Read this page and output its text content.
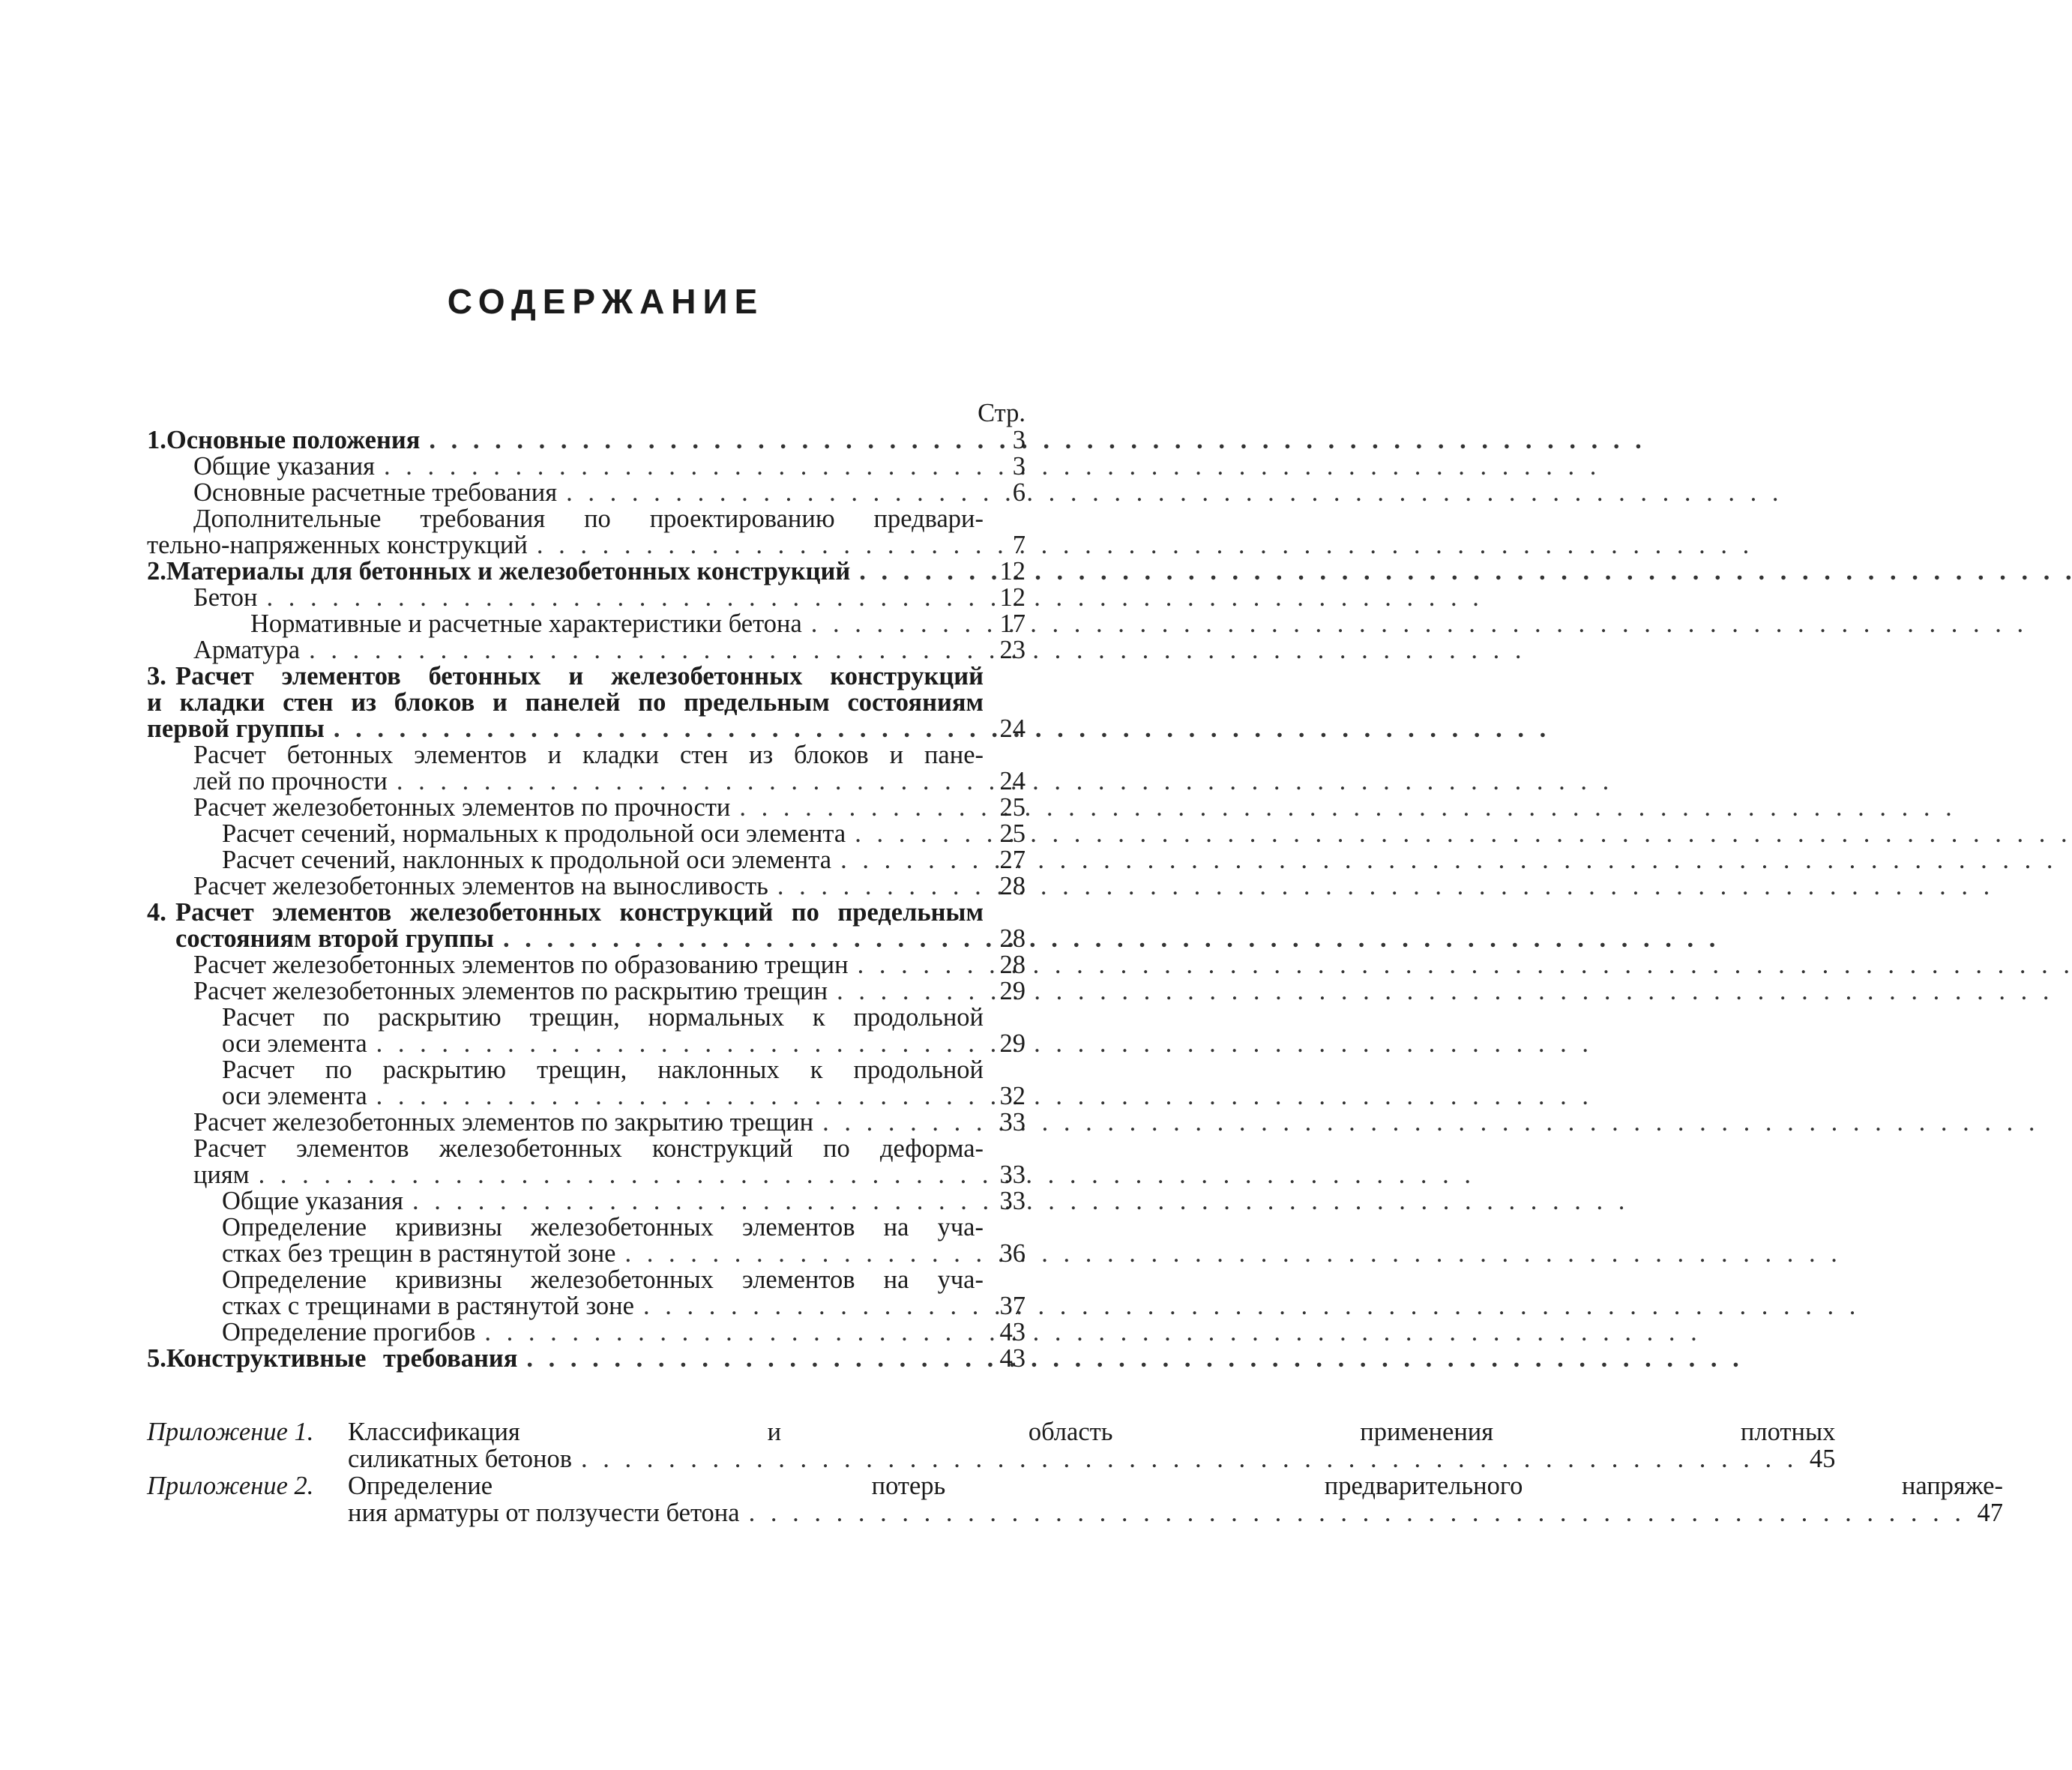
СОДЕРЖАНИЕ
Стр.
1. Основные положения . . .	3
Общие указания . . .	3
Основные расчетные требования . . .	6
Дополнительные требования по проектированию предвари-
тельно-напряженных конструкций . . .	7
2. Материалы для бетонных и железобетонных конструкций . . .	12
Бетон . . .	12
Нормативные и расчетные характеристики бетона . . .	17
Арматура . . .	23
3. Расчет элементов бетонных и железобетонных конструкций
и кладки стен из блоков и панелей по предельным состояниям
первой группы . . .	24
Расчет бетонных элементов и кладки стен из блоков и пане-
лей по прочности . . .	24
Расчет железобетонных элементов по прочности . . .	25
Расчет сечений, нормальных к продольной оси элемента . . .	25
Расчет сечений, наклонных к продольной оси элемента . . .	27
Расчет железобетонных элементов на выносливость . . .	28
4. Расчет элементов железобетонных конструкций по предельным
состояниям второй группы . . .	28
Расчет железобетонных элементов по образованию трещин . . .	28
Расчет железобетонных элементов по раскрытию трещин . . .	29
Расчет по раскрытию трещин, нормальных к продольной
оси элемента . . .	29
Расчет по раскрытию трещин, наклонных к продольной
оси элемента . . .	32
Расчет железобетонных элементов по закрытию трещин . . .	33
Расчет элементов железобетонных конструкций по деформа-
циям . . .	33
Общие указания . . .	33
Определение кривизны железобетонных элементов на уча-
стках без трещин в растянутой зоне . . .	36
Определение кривизны железобетонных элементов на уча-
стках с трещинами в растянутой зоне . . .	37
Определение прогибов . . .	43
5. Конструктивные требования . . .	43
Приложение 1.	Классификация и область применения плотных
силикатных бетонов . . .	45
Приложение 2.	Определение потерь предварительного напряже-
ния арматуры от ползучести бетона . . .	47
